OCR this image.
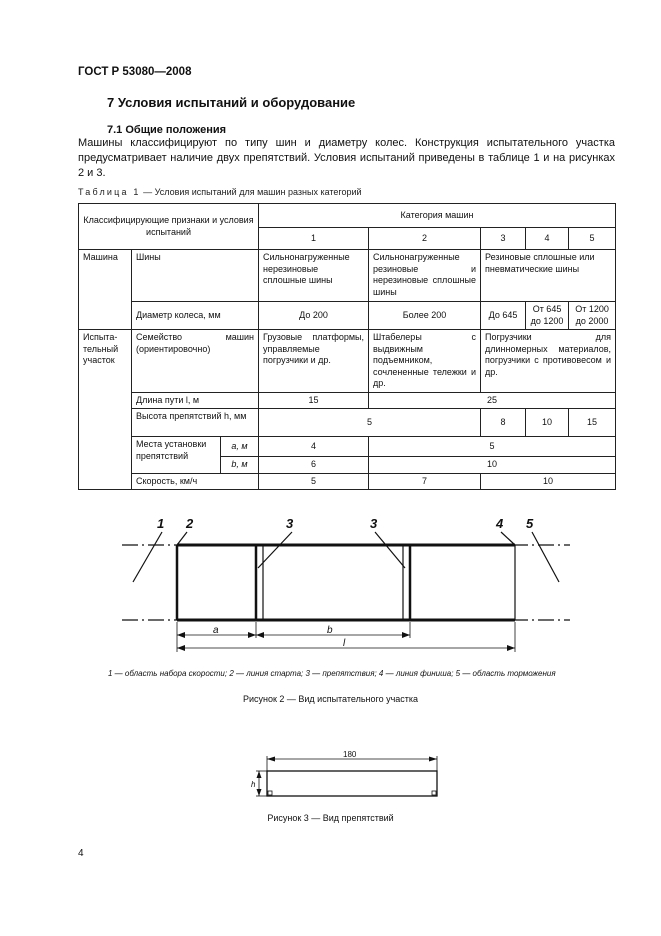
ГОСТ Р 53080—2008
7 Условия испытаний и оборудование
7.1 Общие положения
Машины классифицируют по типу шин и диаметру колес. Конструкция испытательного участка предусматривает наличие двух препятствий. Условия испытаний приведены в таблице 1 и на рисунках 2 и 3.
Таблица 1 — Условия испытаний для машин разных категорий
Классифицирующие признаки и условия испытаний			Категория машин				
			1	2	3	4	5
Машина	Шины		Сильнонагруженные нерезиновые сплошные шины	Сильнонагруженные резиновые и нерезиновые сплошные шины	Резиновые сплошные или пневматические шины		
	Диаметр колеса, мм		До 200	Более 200	До 645	От 645 до 1200	От 1200 до 2000
Испыта-тельный участок	Семейство машин (ориентировочно)		Грузовые платформы, управляемые погрузчики и др.	Штабелеры с выдвижным подъемником, сочлененные тележки и др.	Погрузчики для длинномерных материалов, погрузчики с противовесом и др.		
	Длина пути l, м		15	25			
	Высота препятствий h, мм		5		8	10	15
	Места установки препятствий	a, м	4	5			
		b, м	6	10			
	Скорость, км/ч		5	7	10		
1 2	3	3	4 5
a	b
l
1 — область набора скорости; 2 — линия старта; 3 — препятствия; 4 — линия финиша; 5 — область торможения
Рисунок 2 — Вид испытательного участка
180
h
Рисунок 3 — Вид препятствий
4
